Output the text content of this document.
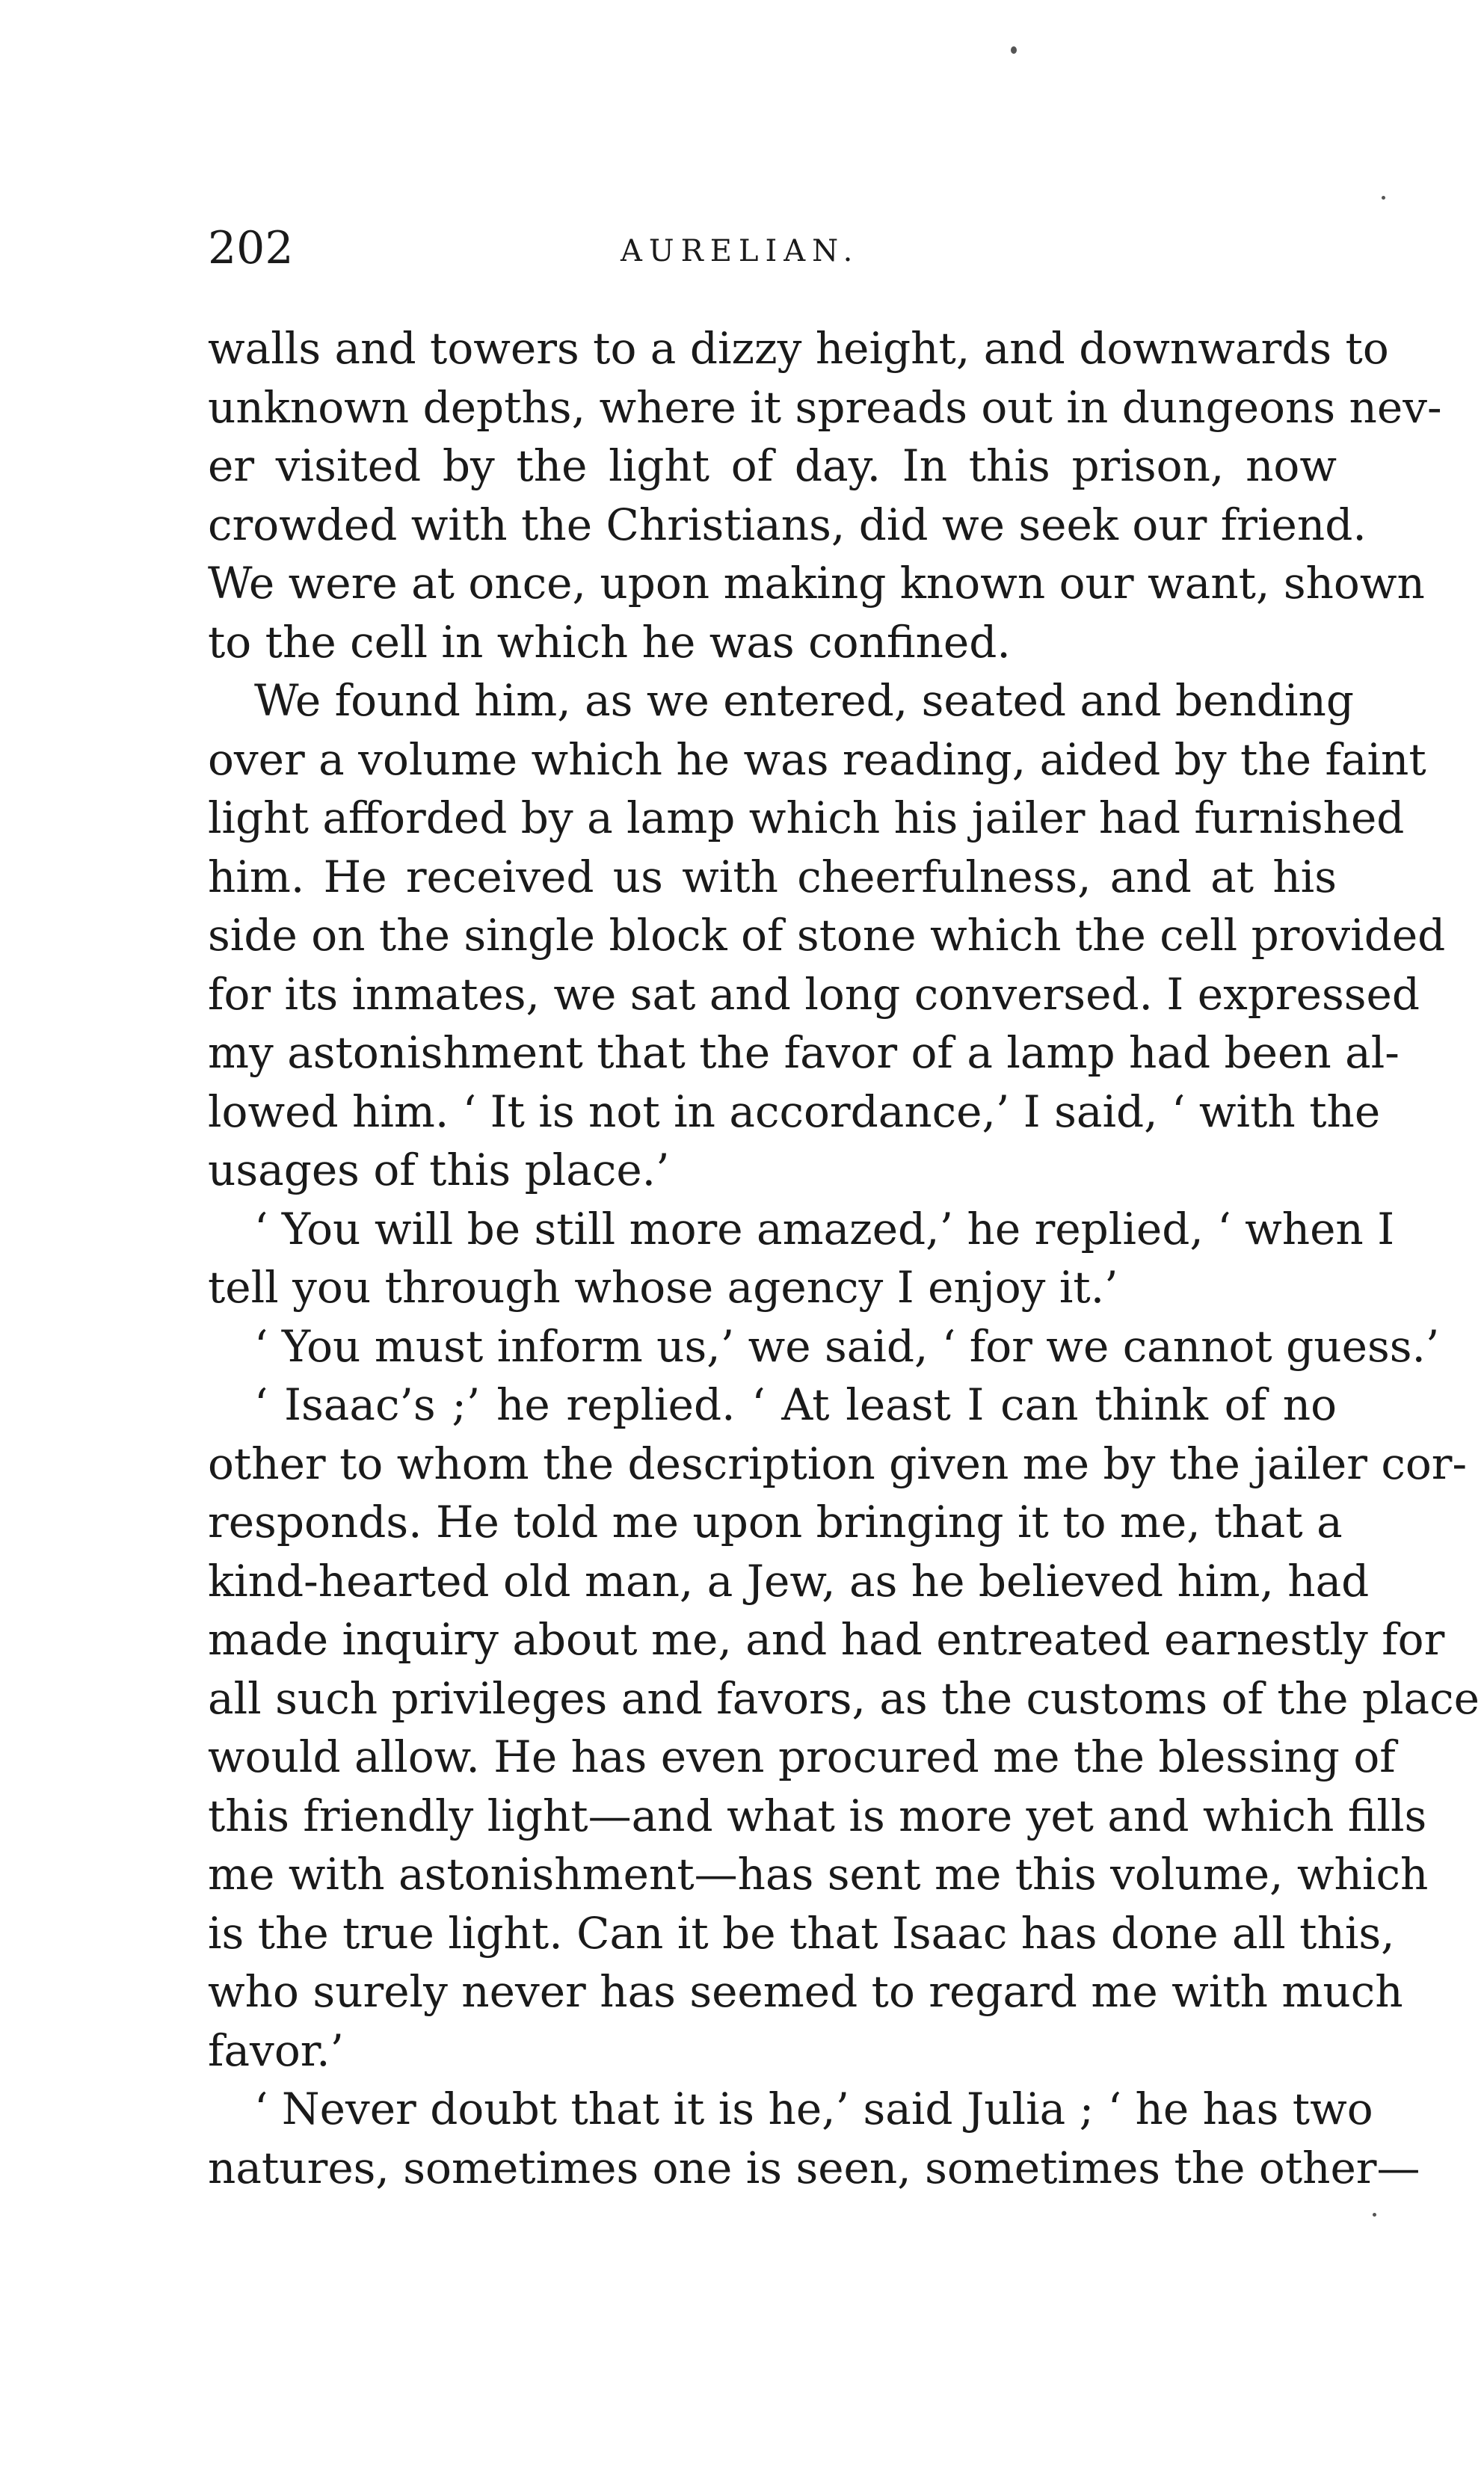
202	AURELIAN.
walls and towers to a dizzy height, and downwards to
unknown depths, where it spreads out in dungeons nev-
er visited by the light of day. In this prison, now
crowded with the Christians, did we seek our friend.
We were at once, upon making known our want, shown
to the cell in which he was confined.
We found him, as we entered, seated and bending
over a volume which he was reading, aided by the faint
light afforded by a lamp which his jailer had furnished
him. He received us with cheerfulness, and at his
side on the single block of stone which the cell provided
for its inmates, we sat and long conversed. I expressed
my astonishment that the favor of a lamp had been al-
lowed him. ‘ It is not in accordance,’ I said, ‘ with the
usages of this place.’
‘ You will be still more amazed,’ he replied, ‘ when I
tell you through whose agency I enjoy it.’
‘ You must inform us,’ we said, ‘ for we cannot guess.’
‘ Isaac’s ;’ he replied. ‘ At least I can think of no
other to whom the description given me by the jailer cor-
responds. He told me upon bringing it to me, that a
kind-hearted old man, a Jew, as he believed him, had
made inquiry about me, and had entreated earnestly for
all such privileges and favors, as the customs of the place
would allow. He has even procured me the blessing of
this friendly light—and what is more yet and which fills
me with astonishment—has sent me this volume, which
is the true light. Can it be that Isaac has done all this,
who surely never has seemed to regard me with much
favor.’
‘ Never doubt that it is he,’ said Julia ; ‘ he has two
natures, sometimes one is seen, sometimes the other—
